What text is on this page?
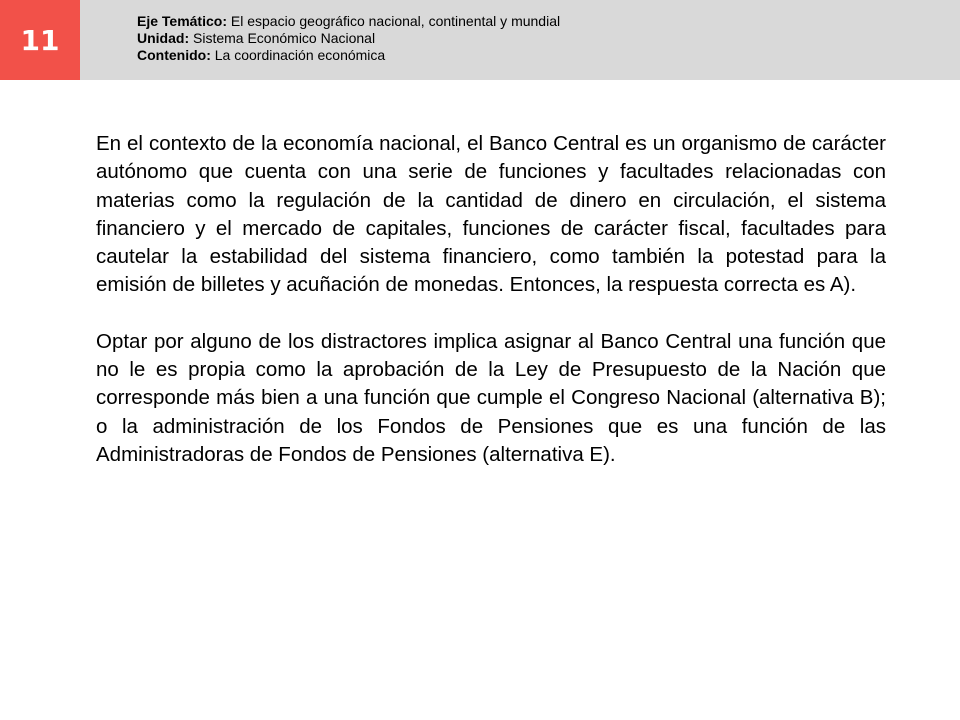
11
Eje Temático: El espacio geográfico nacional, continental y mundial
Unidad: Sistema Económico Nacional
Contenido: La coordinación económica

En el contexto de la economía nacional, el Banco Central es un organismo de carácter autónomo que cuenta con una serie de funciones y facultades relacionadas con materias como la regulación de la cantidad de dinero en circulación, el sistema financiero y el mercado de capitales, funciones de carácter fiscal, facultades para cautelar la estabilidad del sistema financiero, como también la potestad para la emisión de billetes y acuñación de monedas. Entonces, la respuesta correcta es A).

Optar por alguno de los distractores implica asignar al Banco Central una función que no le es propia como la aprobación de la Ley de Presupuesto de la Nación que corresponde más bien a una función que cumple el Congreso Nacional (alternativa B); o la administración de los Fondos de Pensiones que es una función de las Administradoras de Fondos de Pensiones (alternativa E).
